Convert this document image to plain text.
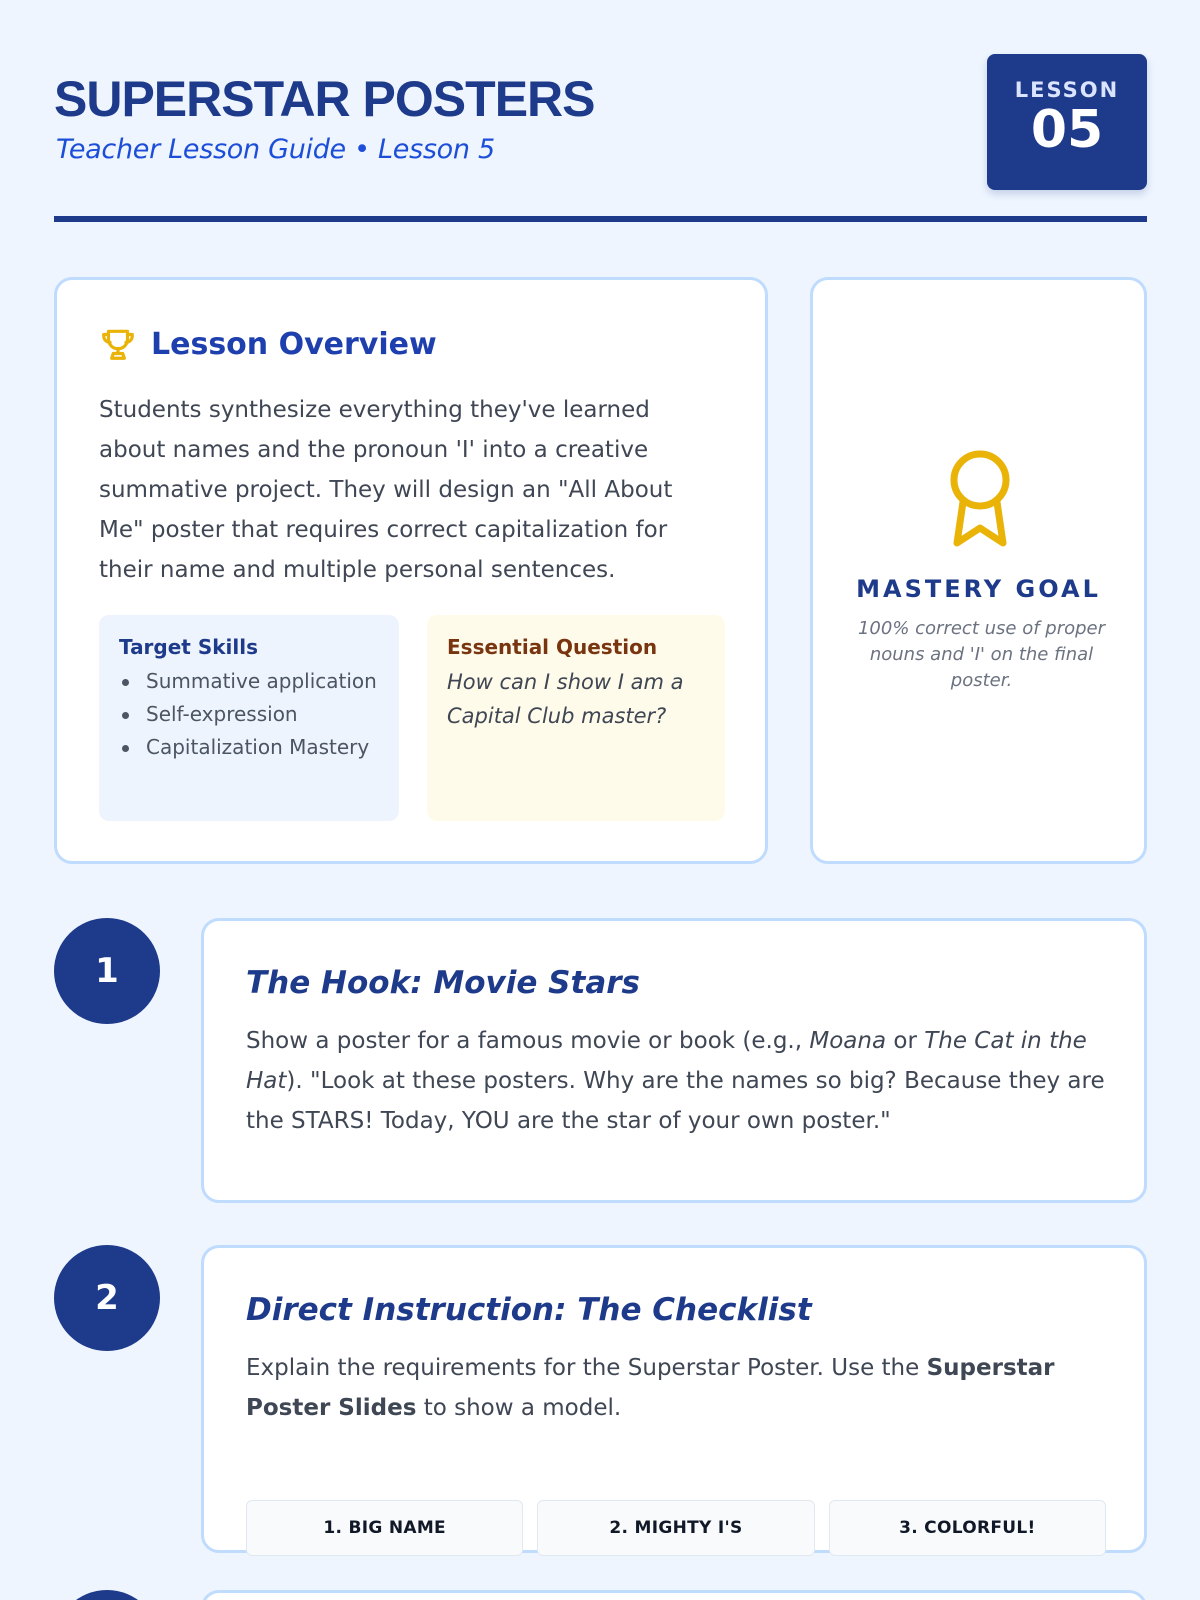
SUPERSTAR POSTERS
Teacher Lesson Guide • Lesson 5
LESSON
05
Lesson Overview

Students synthesize everything they've learned about names and the pronoun 'I' into a creative summative project. They will design an "All About Me" poster that requires correct capitalization for their name and multiple personal sentences.

Target Skills
Summative application
Self-expression
Capitalization Mastery
Essential Question

How can I show I am a Capital Club master?

MASTERY GOAL

100% correct use of proper nouns and 'I' on the final poster.

1	The Hook: Movie Stars

Show a poster for a famous movie or book (e.g., Moana or The Cat in the Hat). "Look at these posters. Why are the names so big? Because they are the STARS! Today, YOU are the star of your own poster."

2	Direct Instruction: The Checklist

Explain the requirements for the Superstar Poster. Use the Superstar Poster Slides to show a model.

1. BIG NAME	2. MIGHTY I'S	3. COLORFUL!
